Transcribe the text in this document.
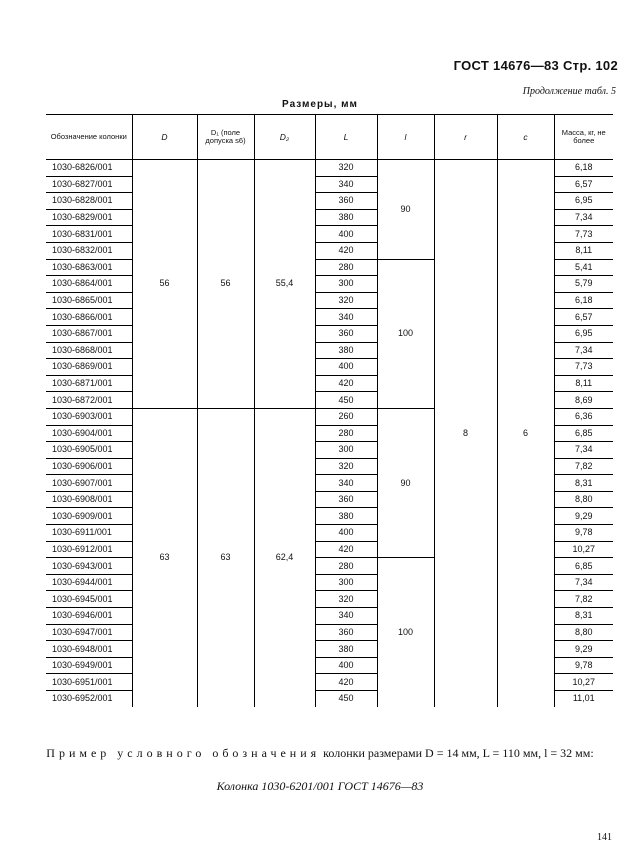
ГОСТ 14676—83 Стр. 102
Продолжение табл. 5
Размеры, мм
Обозначение колонки	D	D₁ (поле допуска s6)	D₂	L	l	r	c	Масса, кг, не более
1030-6826/001	56	56	55,4	320	90	8	6	6,18
1030-6827/001				340				6,57
1030-6828/001				360				6,95
1030-6829/001				380				7,34
1030-6831/001				400				7,73
1030-6832/001				420				8,11
1030-6863/001				280	100			5,41
1030-6864/001				300				5,79
1030-6865/001				320				6,18
1030-6866/001				340				6,57
1030-6867/001				360				6,95
1030-6868/001				380				7,34
1030-6869/001				400				7,73
1030-6871/001				420				8,11
1030-6872/001				450				8,69
1030-6903/001	63	63	62,4	260	90			6,36
1030-6904/001				280				6,85
1030-6905/001				300				7,34
1030-6906/001				320				7,82
1030-6907/001				340				8,31
1030-6908/001				360				8,80
1030-6909/001				380				9,29
1030-6911/001				400				9,78
1030-6912/001				420				10,27
1030-6943/001				280	100			6,85
1030-6944/001				300				7,34
1030-6945/001				320				7,82
1030-6946/001				340				8,31
1030-6947/001				360				8,80
1030-6948/001				380				9,29
1030-6949/001				400				9,78
1030-6951/001				420				10,27
1030-6952/001				450				11,01
Пример условного обозначения колонки размерами D = 14 мм, L = 110 мм, l = 32 мм:
Колонка 1030-6201/001 ГОСТ 14676—83
141
